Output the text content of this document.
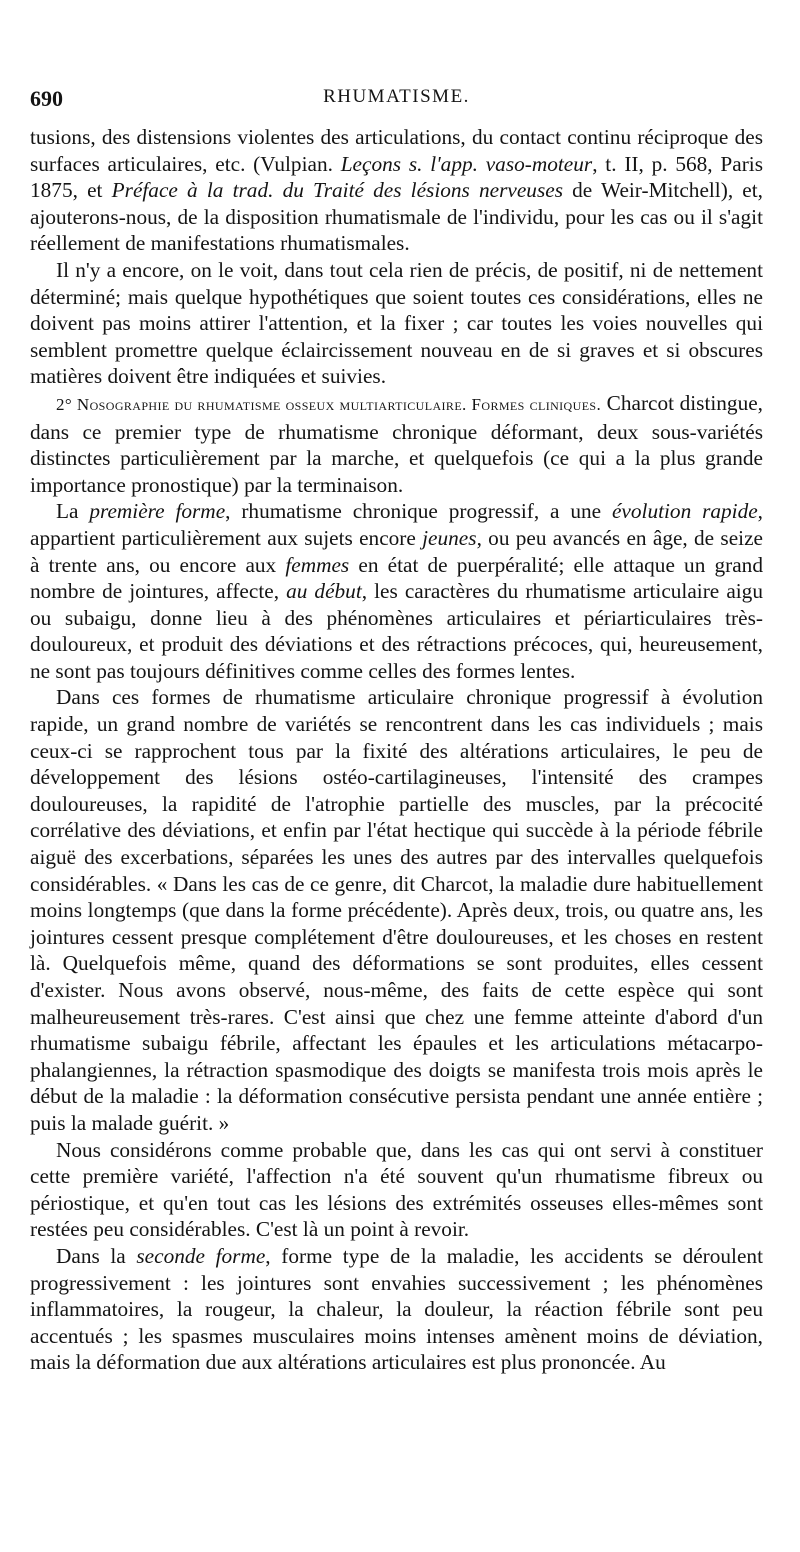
690	RHUMATISME.

tusions, des distensions violentes des articulations, du contact continu réciproque des surfaces articulaires, etc. (Vulpian. Leçons s. l'app. vaso-moteur, t. II, p. 568, Paris 1875, et Préface à la trad. du Traité des lésions nerveuses de Weir-Mitchell), et, ajouterons-nous, de la disposition rhumatismale de l'individu, pour les cas ou il s'agit réellement de manifestations rhumatismales.

Il n'y a encore, on le voit, dans tout cela rien de précis, de positif, ni de nettement déterminé; mais quelque hypothétiques que soient toutes ces considérations, elles ne doivent pas moins attirer l'attention, et la fixer ; car toutes les voies nouvelles qui semblent promettre quelque éclaircissement nouveau en de si graves et si obscures matières doivent être indiquées et suivies.

2° Nosographie du rhumatisme osseux multiarticulaire. Formes cliniques. Charcot distingue, dans ce premier type de rhumatisme chronique déformant, deux sous-variétés distinctes particulièrement par la marche, et quelquefois (ce qui a la plus grande importance pronostique) par la terminaison.

La première forme, rhumatisme chronique progressif, a une évolution rapide, appartient particulièrement aux sujets encore jeunes, ou peu avancés en âge, de seize à trente ans, ou encore aux femmes en état de puerpéralité; elle attaque un grand nombre de jointures, affecte, au début, les caractères du rhumatisme articulaire aigu ou subaigu, donne lieu à des phénomènes articulaires et périarticulaires très-douloureux, et produit des déviations et des rétractions précoces, qui, heureusement, ne sont pas toujours définitives comme celles des formes lentes.

Dans ces formes de rhumatisme articulaire chronique progressif à évolution rapide, un grand nombre de variétés se rencontrent dans les cas individuels ; mais ceux-ci se rapprochent tous par la fixité des altérations articulaires, le peu de développement des lésions ostéo-cartilagineuses, l'intensité des crampes douloureuses, la rapidité de l'atrophie partielle des muscles, par la précocité corrélative des déviations, et enfin par l'état hectique qui succède à la période fébrile aiguë des excerbations, séparées les unes des autres par des intervalles quelquefois considérables. « Dans les cas de ce genre, dit Charcot, la maladie dure habituellement moins longtemps (que dans la forme précédente). Après deux, trois, ou quatre ans, les jointures cessent presque complétement d'être douloureuses, et les choses en restent là. Quelquefois même, quand des déformations se sont produites, elles cessent d'exister. Nous avons observé, nous-même, des faits de cette espèce qui sont malheureusement très-rares. C'est ainsi que chez une femme atteinte d'abord d'un rhumatisme subaigu fébrile, affectant les épaules et les articulations métacarpo-phalangiennes, la rétraction spasmodique des doigts se manifesta trois mois après le début de la maladie : la déformation consécutive persista pendant une année entière ; puis la malade guérit. »

Nous considérons comme probable que, dans les cas qui ont servi à constituer cette première variété, l'affection n'a été souvent qu'un rhumatisme fibreux ou périostique, et qu'en tout cas les lésions des extrémités osseuses elles-mêmes sont restées peu considérables. C'est là un point à revoir.

Dans la seconde forme, forme type de la maladie, les accidents se déroulent progressivement : les jointures sont envahies successivement ; les phénomènes inflammatoires, la rougeur, la chaleur, la douleur, la réaction fébrile sont peu accentués ; les spasmes musculaires moins intenses amènent moins de déviation, mais la déformation due aux altérations articulaires est plus prononcée. Au
